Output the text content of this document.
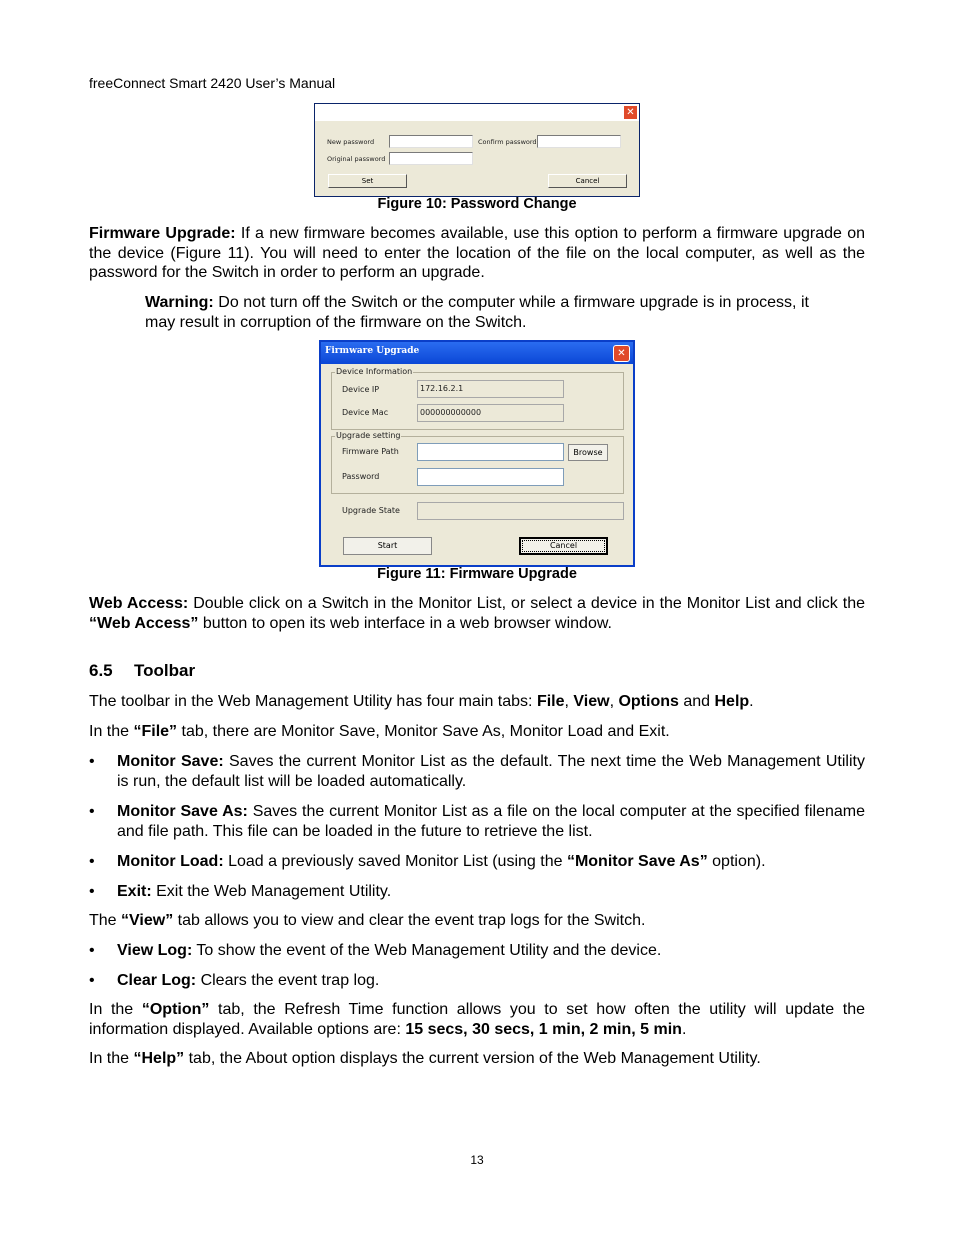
freeConnect Smart 2420 User’s Manual
✕
New password	Confirm password
Original password
Set	Cancel
Figure 10: Password Change
Firmware Upgrade: If a new firmware becomes available, use this option to perform a firmware upgrade on the device (Figure 11). You will need to enter the location of the file on the local computer, as well as the password for the Switch in order to perform an upgrade.
Warning: Do not turn off the Switch or the computer while a firmware upgrade is in process, it may result in corruption of the firmware on the Switch.
Firmware Upgrade	✕
Device Information
Device IP	172.16.2.1
Device Mac	000000000000
Upgrade setting
Firmware Path	Browse
Password
Upgrade State
Start	Cancel
Figure 11: Firmware Upgrade
Web Access: Double click on a Switch in the Monitor List, or select a device in the Monitor List and click the “Web Access” button to open its web interface in a web browser window.
6.5 Toolbar
The toolbar in the Web Management Utility has four main tabs: File, View, Options and Help.
In the “File” tab, there are Monitor Save, Monitor Save As, Monitor Load and Exit.
•	Monitor Save: Saves the current Monitor List as the default. The next time the Web Management Utility is run, the default list will be loaded automatically.
•	Monitor Save As: Saves the current Monitor List as a file on the local computer at the specified filename and file path. This file can be loaded in the future to retrieve the list.
•	Monitor Load: Load a previously saved Monitor List (using the “Monitor Save As” option).
•	Exit: Exit the Web Management Utility.
The “View” tab allows you to view and clear the event trap logs for the Switch.
•	View Log: To show the event of the Web Management Utility and the device.
•	Clear Log: Clears the event trap log.
In the “Option” tab, the Refresh Time function allows you to set how often the utility will update the information displayed. Available options are: 15 secs, 30 secs, 1 min, 2 min, 5 min.
In the “Help” tab, the About option displays the current version of the Web Management Utility.
13
